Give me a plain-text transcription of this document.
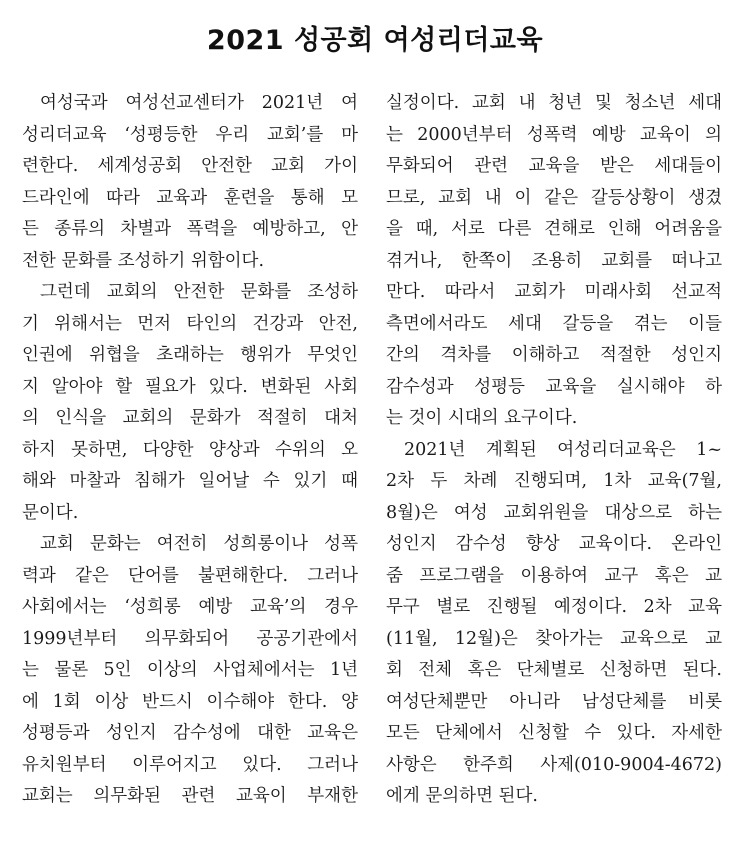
2021 성공회 여성리더교육
여성국과 여성선교센터가 2021년 여
성리더교육 ‘성평등한 우리 교회’를 마
련한다. 세계성공회 안전한 교회 가이
드라인에 따라 교육과 훈련을 통해 모
든 종류의 차별과 폭력을 예방하고, 안
전한 문화를 조성하기 위함이다.
그런데 교회의 안전한 문화를 조성하
기 위해서는 먼저 타인의 건강과 안전,
인권에 위협을 초래하는 행위가 무엇인
지 알아야 할 필요가 있다. 변화된 사회
의 인식을 교회의 문화가 적절히 대처
하지 못하면, 다양한 양상과 수위의 오
해와 마찰과 침해가 일어날 수 있기 때
문이다.
교회 문화는 여전히 성희롱이나 성폭
력과 같은 단어를 불편해한다. 그러나
사회에서는 ‘성희롱 예방 교육’의 경우
1999년부터 의무화되어 공공기관에서
는 물론 5인 이상의 사업체에서는 1년
에 1회 이상 반드시 이수해야 한다. 양
성평등과 성인지 감수성에 대한 교육은
유치원부터 이루어지고 있다. 그러나
교회는 의무화된 관련 교육이 부재한
실정이다. 교회 내 청년 및 청소년 세대
는 2000년부터 성폭력 예방 교육이 의
무화되어 관련 교육을 받은 세대들이
므로, 교회 내 이 같은 갈등상황이 생겼
을 때, 서로 다른 견해로 인해 어려움을
겪거나, 한쪽이 조용히 교회를 떠나고
만다. 따라서 교회가 미래사회 선교적
측면에서라도 세대 갈등을 겪는 이들
간의 격차를 이해하고 적절한 성인지
감수성과 성평등 교육을 실시해야 하
는 것이 시대의 요구이다.
2021년 계획된 여성리더교육은 1~
2차 두 차례 진행되며, 1차 교육(7월,
8월)은 여성 교회위원을 대상으로 하는
성인지 감수성 향상 교육이다. 온라인
줌 프로그램을 이용하여 교구 혹은 교
무구 별로 진행될 예정이다. 2차 교육
(11월, 12월)은 찾아가는 교육으로 교
회 전체 혹은 단체별로 신청하면 된다.
여성단체뿐만 아니라 남성단체를 비롯
모든 단체에서 신청할 수 있다. 자세한
사항은 한주희 사제(010-9004-4672)
에게 문의하면 된다.
